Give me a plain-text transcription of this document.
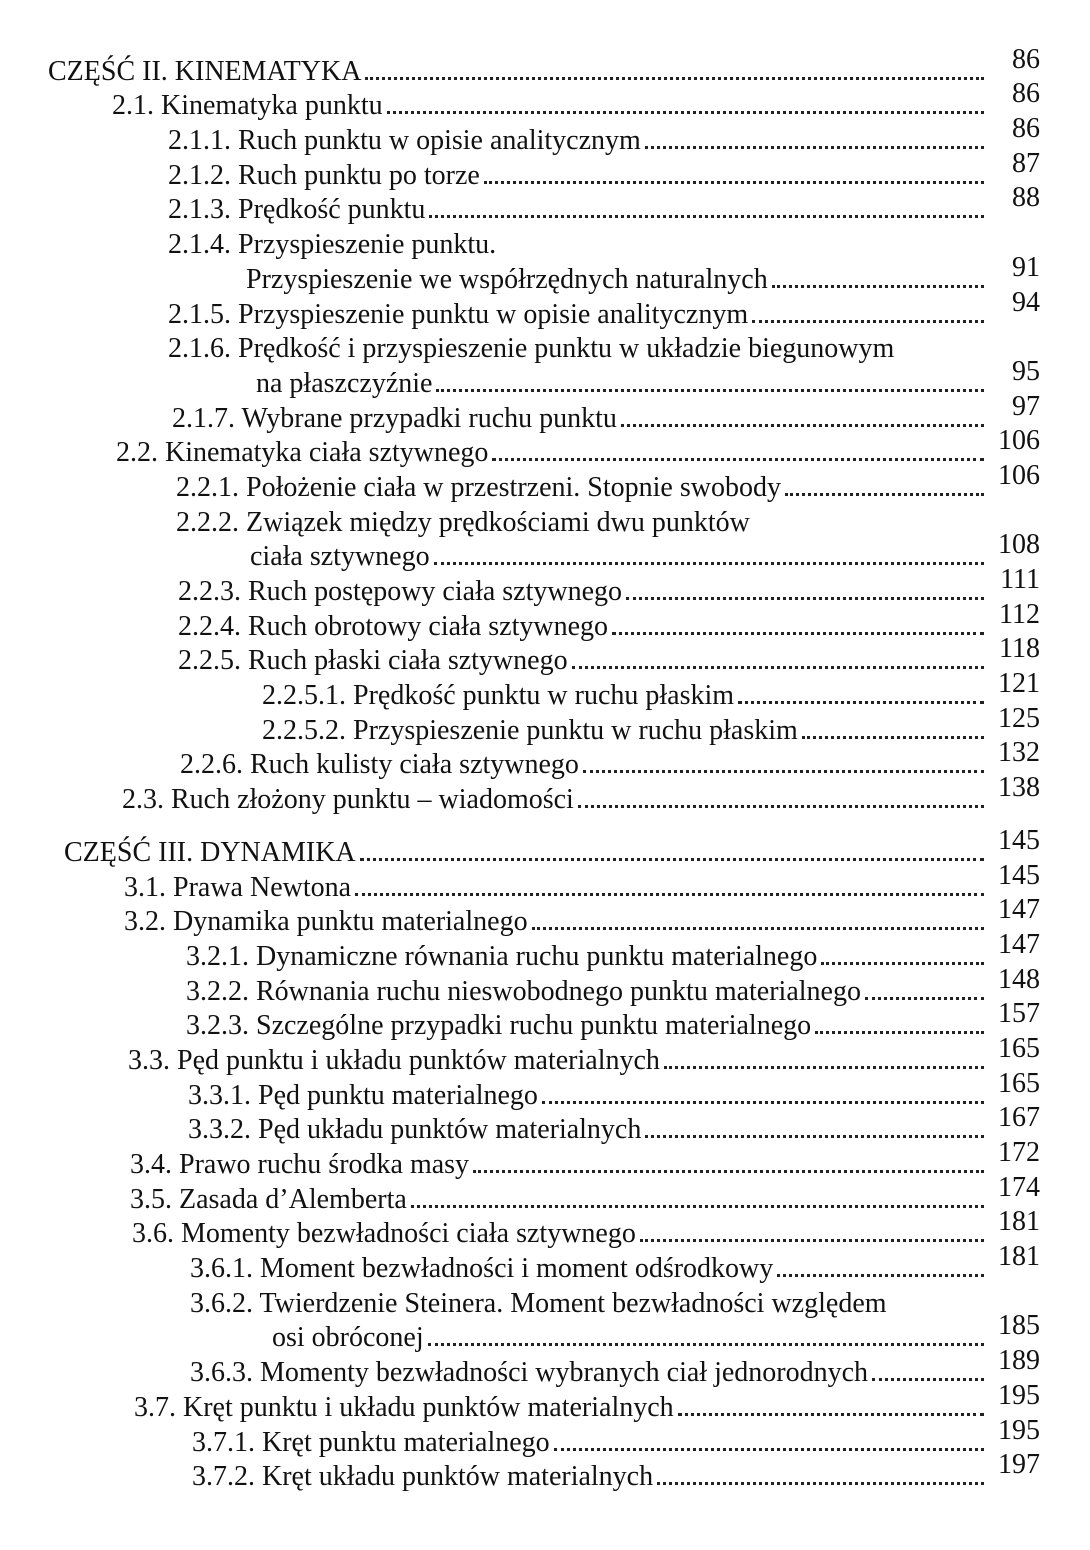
CZĘŚĆ II. KINEMATYKA	86
2.1. Kinematyka punktu	86
2.1.1. Ruch punktu w opisie analitycznym	86
2.1.2. Ruch punktu po torze	87
2.1.3. Prędkość punktu	88
2.1.4. Przyspieszenie punktu.
Przyspieszenie we współrzędnych naturalnych	91
2.1.5. Przyspieszenie punktu w opisie analitycznym	94
2.1.6. Prędkość i przyspieszenie punktu w układzie biegunowym
na płaszczyźnie	95
2.1.7. Wybrane przypadki ruchu punktu	97
2.2. Kinematyka ciała sztywnego	106
2.2.1. Położenie ciała w przestrzeni. Stopnie swobody	106
2.2.2. Związek między prędkościami dwu punktów
ciała sztywnego	108
2.2.3. Ruch postępowy ciała sztywnego	111
2.2.4. Ruch obrotowy ciała sztywnego	112
2.2.5. Ruch płaski ciała sztywnego	118
2.2.5.1. Prędkość punktu w ruchu płaskim	121
2.2.5.2. Przyspieszenie punktu w ruchu płaskim	125
2.2.6. Ruch kulisty ciała sztywnego	132
2.3. Ruch złożony punktu – wiadomości	138
CZĘŚĆ III. DYNAMIKA	145
3.1. Prawa Newtona	145
3.2. Dynamika punktu materialnego	147
3.2.1. Dynamiczne równania ruchu punktu materialnego	147
3.2.2. Równania ruchu nieswobodnego punktu materialnego	148
3.2.3. Szczególne przypadki ruchu punktu materialnego	157
3.3. Pęd punktu i układu punktów materialnych	165
3.3.1. Pęd punktu materialnego	165
3.3.2. Pęd układu punktów materialnych	167
3.4. Prawo ruchu środka masy	172
3.5. Zasada d’Alemberta	174
3.6. Momenty bezwładności ciała sztywnego	181
3.6.1. Moment bezwładności i moment odśrodkowy	181
3.6.2. Twierdzenie Steinera. Moment bezwładności względem
osi obróconej	185
3.6.3. Momenty bezwładności wybranych ciał jednorodnych	189
3.7. Kręt punktu i układu punktów materialnych	195
3.7.1. Kręt punktu materialnego	195
3.7.2. Kręt układu punktów materialnych	197
